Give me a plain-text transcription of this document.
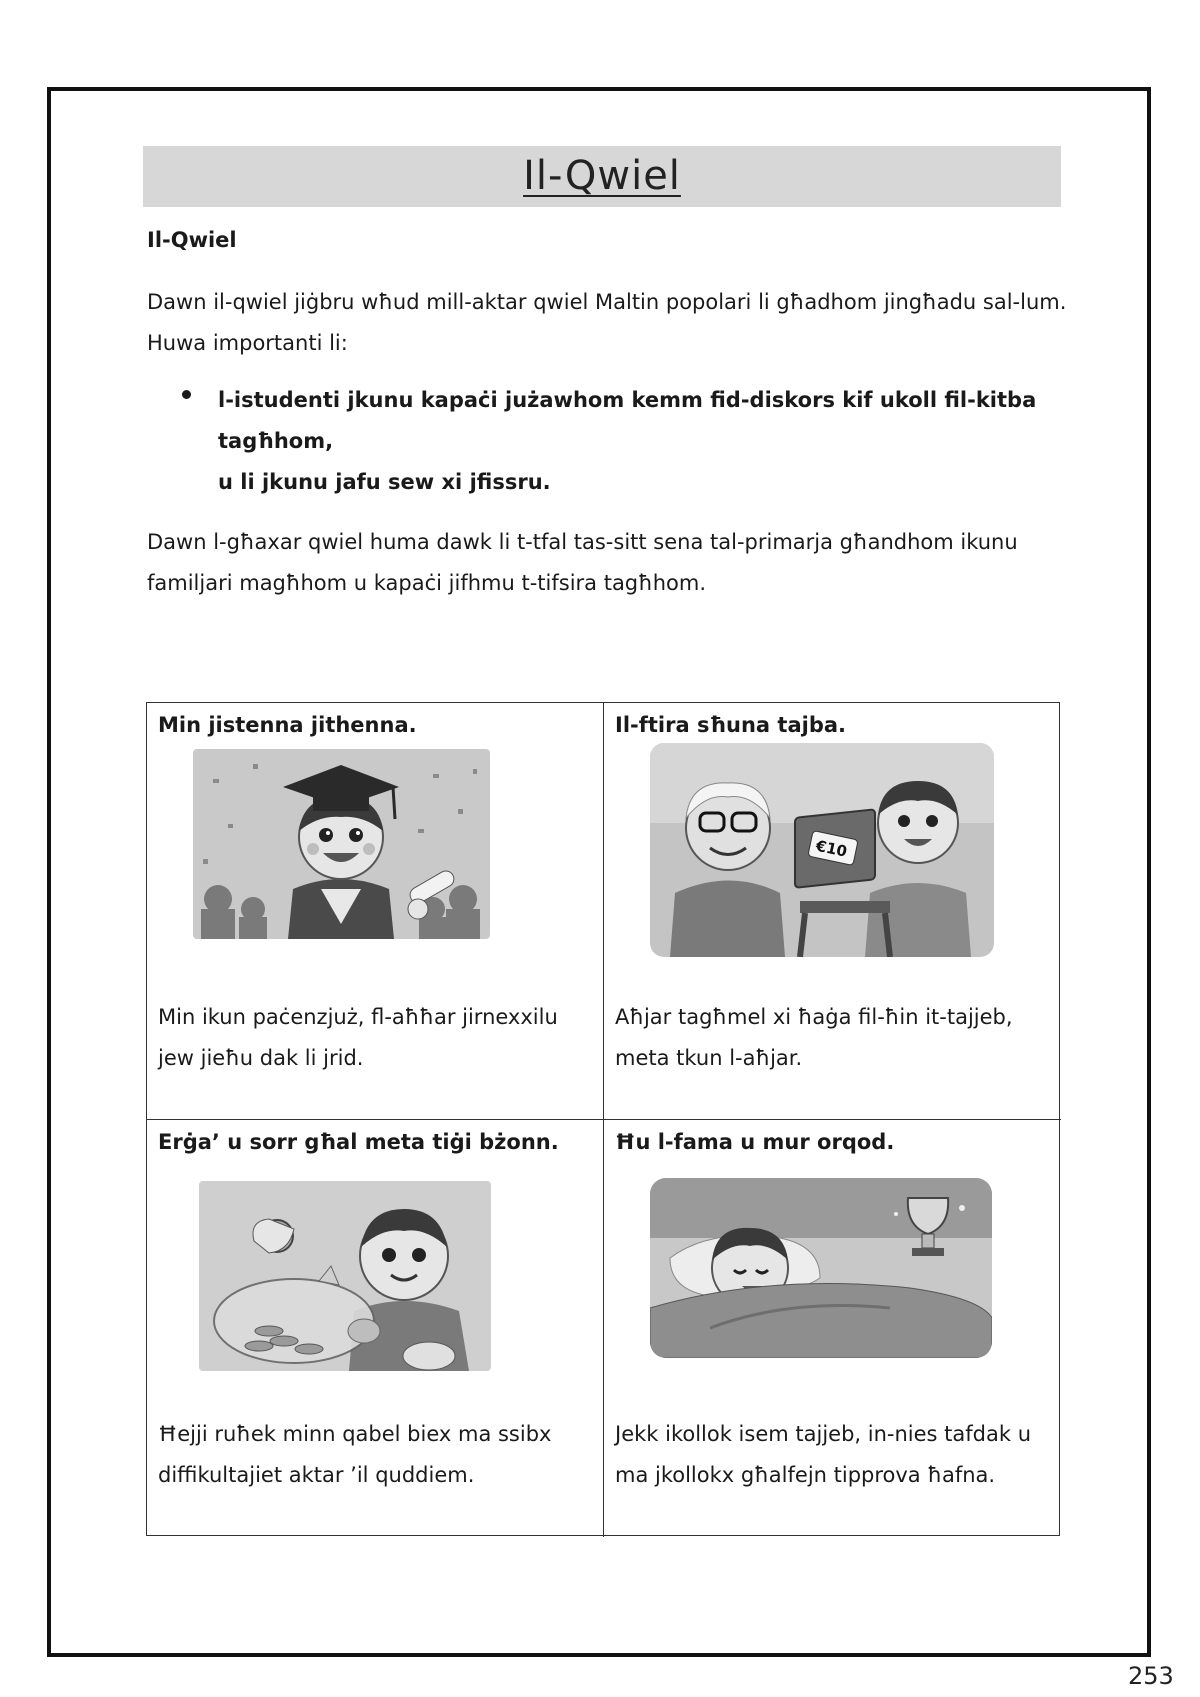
Il-Qwiel
Il-Qwiel
Dawn il-qwiel jiġbru wħud mill-aktar qwiel Maltin popolari li għadhom jingħadu sal-lum. Huwa importanti li:
l-istudenti jkunu kapaċi jużawhom kemm fid-diskors kif ukoll fil-kitba tagħhom,
u li jkunu jafu sew xi jfissru.
Dawn l-għaxar qwiel huma dawk li t-tfal tas-sitt sena tal-primarja għandhom ikunu familjari magħhom u kapaċi jifhmu t-tifsira tagħhom.
Min jistenna jithenna.
Min ikun paċenzjuż, fl-aħħar jirnexxilu jew jieħu dak li jrid.
Il-ftira sħuna tajba.
€10
Aħjar tagħmel xi ħaġa fil-ħin it-tajjeb, meta tkun l-aħjar.
Erġa’ u sorr għal meta tiġi bżonn.
Ħejji ruħek minn qabel biex ma ssibx diffikultajiet aktar ’il quddiem.
Ħu l-fama u mur orqod.
Jekk ikollok isem tajjeb, in-nies tafdak u ma jkollokx għalfejn tipprova ħafna.
253
